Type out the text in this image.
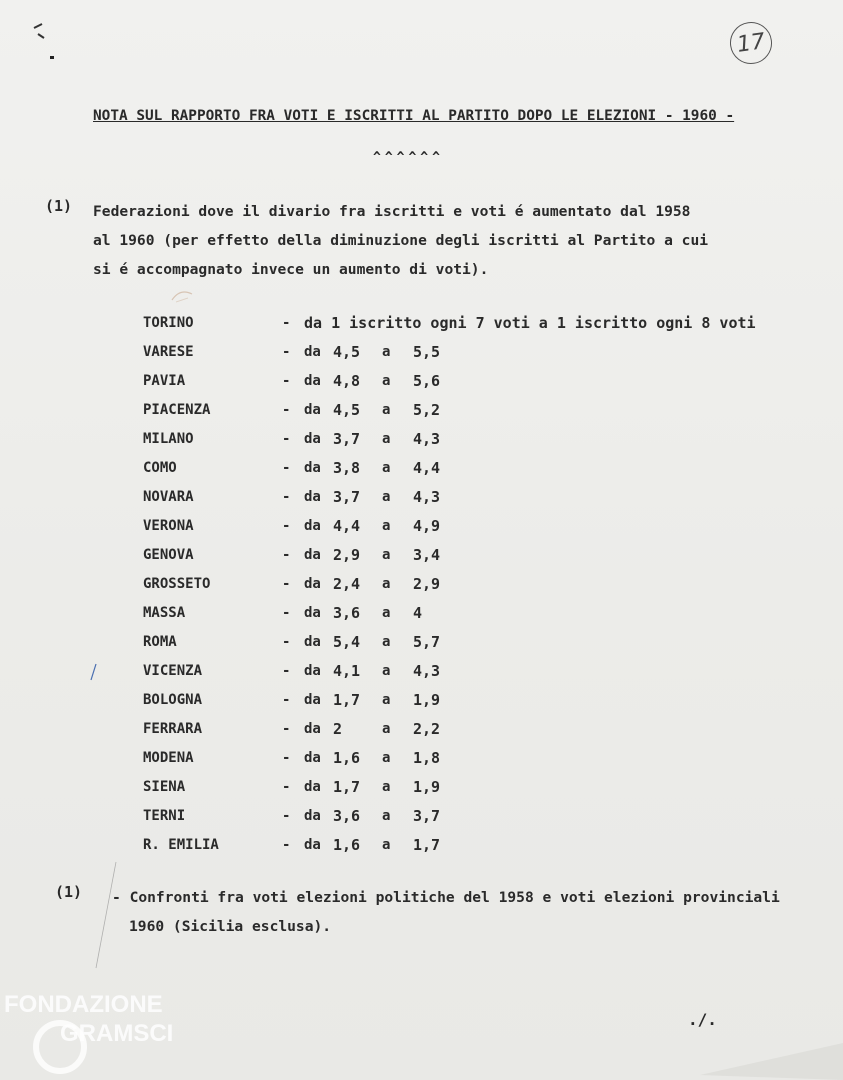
17
NOTA SUL RAPPORTO FRA VOTI E ISCRITTI AL PARTITO DOPO LE ELEZIONI - 1960 -
^^^^^^
(1) Federazioni dove il divario fra iscritti e voti é aumentato dal 1958
al 1960 (per effetto della diminuzione degli iscritti al Partito a cui
si é accompagnato invece un aumento di voti).
TORINO	- da 1 iscritto ogni 7 voti a 1 iscritto ogni 8 voti
VARESE	- da 4,5 a 5,5
PAVIA	- da 4,8 a 5,6
PIACENZA	- da 4,5 a 5,2
MILANO	- da 3,7 a 4,3
COMO	- da 3,8 a 4,4
NOVARA	- da 3,7 a 4,3
VERONA	- da 4,4 a 4,9
GENOVA	- da 2,9 a 3,4
GROSSETO	- da 2,4 a 2,9
MASSA	- da 3,6 a 4
ROMA	- da 5,4 a 5,7
VICENZA	- da 4,1 a 4,3
BOLOGNA	- da 1,7 a 1,9
FERRARA	- da 2	a 2,2
MODENA	- da 1,6 a 1,8
SIENA	- da 1,7 a 1,9
TERNI	- da 3,6 a 3,7
R. EMILIA	- da 1,6 a 1,7
(1) - Confronti fra voti elezioni politiche del 1958 e voti elezioni provinciali 1960 (Sicilia esclusa).
./.
FONDAZIONE
GRAMSCI
